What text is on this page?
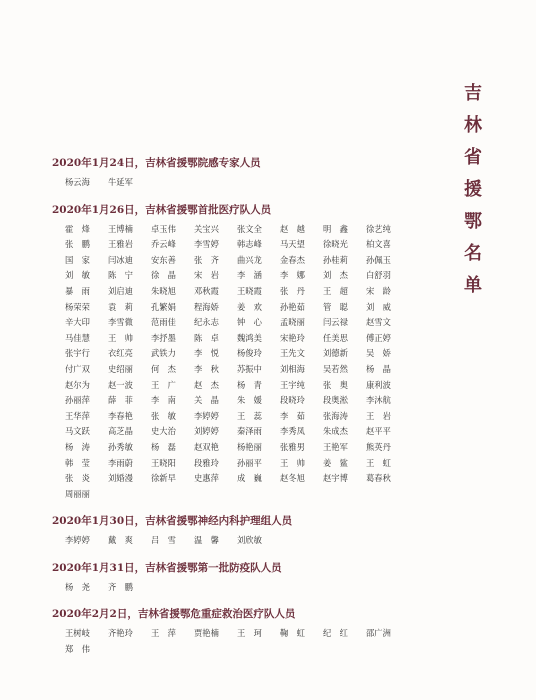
吉
林
省
援
鄂
名
单
2020年1月24日，吉林省援鄂院感专家人员
杨云海	牛延军
2020年1月26日，吉林省援鄂首批医疗队人员
霍　烽	王博楠	卓玉伟	关宝兴	张文全	赵　越	明　鑫	徐艺纯
张　鹏	王雅岩	乔云峰	李雪婷	韩志峰	马天望	徐晓光	柏文喜
国　家	闫冰迪	安东善	张　齐	曲兴龙	金春杰	孙桂莉	孙佩玉
刘　敏	陈　宁	徐　晶	宋　岩	李　涵	李　娜	刘　杰	白舒羽
暴　雨	刘启迪	朱晓旭	邓秋霞	王晓霞	张　丹	王　超	宋　龄
杨荣荣	袁　莉	孔繁娟	程海娇	姜　欢	孙艳茹	管　聪	刘　威
辛大印	李雪微	范雨佳	纪永志	钟　心	孟晓丽	闫云禄	赵雪文
马佳慧	王　帅	李抒墨	陈　卓	魏鸿美	宋艳玲	任美思	傅正婷
张宇行	衣红亮	武铁力	李　悦	杨俊玲	王先文	刘德新	吴　娇
付广双	史绍丽	何　杰	李　秋	苏振中	刘相海	吴若然	杨　晶
赵尔为	赵一波	王　广	赵　杰	杨　青	王宇纯	张　奥	康利波
孙丽萍	薛　菲	李　南	关　晶	朱　媛	段晓玲	段奥淞	李沐航
王华萍	李春艳	张　敏	李婷婷	王　蕊	李　茹	张海涛	王　岩
马文跃	高芝晶	史大治	刘婷婷	秦泽雨	李秀凤	朱成杰	赵平平
杨　涛	孙秀敏	杨　磊	赵双艳	杨艳丽	张雅男	王艳军	熊英丹
韩　莹	李雨蔚	王晓阳	段雅玲	孙丽平	王　帅	姜　鲨	王　虹
张　炎	刘婚漫	徐新早	史惠萍	成　巍	赵冬旭	赵宇博	葛春秋
周丽丽
2020年1月30日，吉林省援鄂神经内科护理组人员
李婷婷	戴　爽	吕　雪	温　馨	刘欣敏
2020年1月31日，吉林省援鄂第一批防疫队人员
杨　尧	齐　鹏
2020年2月2日，吉林省援鄂危重症救治医疗队人员
王树岐	齐艳玲	王　萍	贾艳楠	王　珂	鞠　虹	纪　红	邵广洲
郑　伟
